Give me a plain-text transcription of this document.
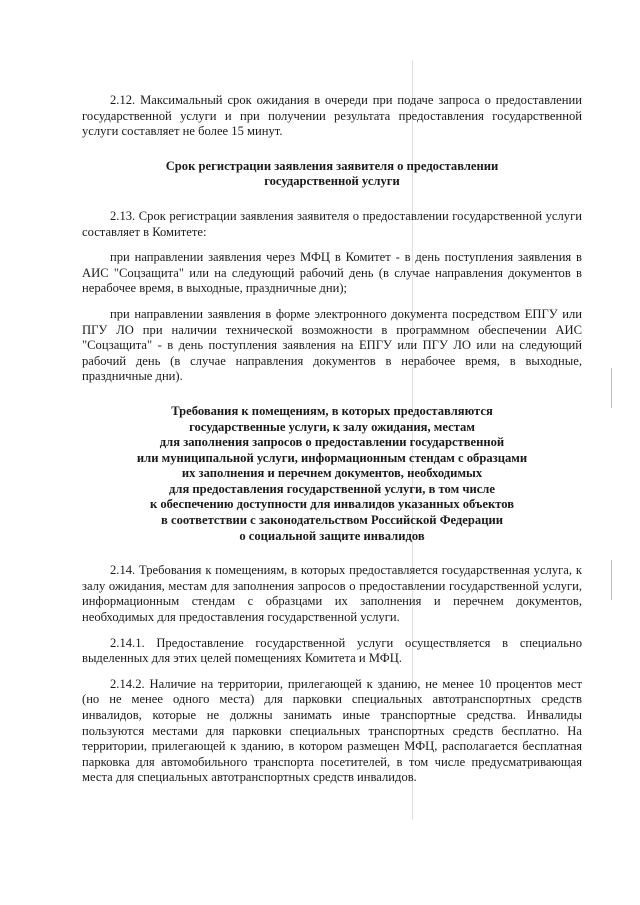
2.12. Максимальный срок ожидания в очереди при подаче запроса о предоставлении государственной услуги и при получении результата предоставления государственной услуги составляет не более 15 минут.

Срок регистрации заявления заявителя о предоставлении
государственной услуги

2.13. Срок регистрации заявления заявителя о предоставлении государственной услуги составляет в Комитете:

при направлении заявления через МФЦ в Комитет - в день поступления заявления в АИС "Соцзащита" или на следующий рабочий день (в случае направления документов в нерабочее время, в выходные, праздничные дни);

при направлении заявления в форме электронного документа посредством ЕПГУ или ПГУ ЛО при наличии технической возможности в программном обеспечении АИС "Соцзащита" - в день поступления заявления на ЕПГУ или ПГУ ЛО или на следующий рабочий день (в случае направления документов в нерабочее время, в выходные, праздничные дни).

Требования к помещениям, в которых предоставляются
государственные услуги, к залу ожидания, местам
для заполнения запросов о предоставлении государственной
или муниципальной услуги, информационным стендам с образцами
их заполнения и перечнем документов, необходимых
для предоставления государственной услуги, в том числе
к обеспечению доступности для инвалидов указанных объектов
в соответствии с законодательством Российской Федерации
о социальной защите инвалидов

2.14. Требования к помещениям, в которых предоставляется государственная услуга, к залу ожидания, местам для заполнения запросов о предоставлении государственной услуги, информационным стендам с образцами их заполнения и перечнем документов, необходимых для предоставления государственной услуги.

2.14.1. Предоставление государственной услуги осуществляется в специально выделенных для этих целей помещениях Комитета и МФЦ.

2.14.2. Наличие на территории, прилегающей к зданию, не менее 10 процентов мест (но не менее одного места) для парковки специальных автотранспортных средств инвалидов, которые не должны занимать иные транспортные средства. Инвалиды пользуются местами для парковки специальных транспортных средств бесплатно. На территории, прилегающей к зданию, в котором размещен МФЦ, располагается бесплатная парковка для автомобильного транспорта посетителей, в том числе предусматривающая места для специальных автотранспортных средств инвалидов.
